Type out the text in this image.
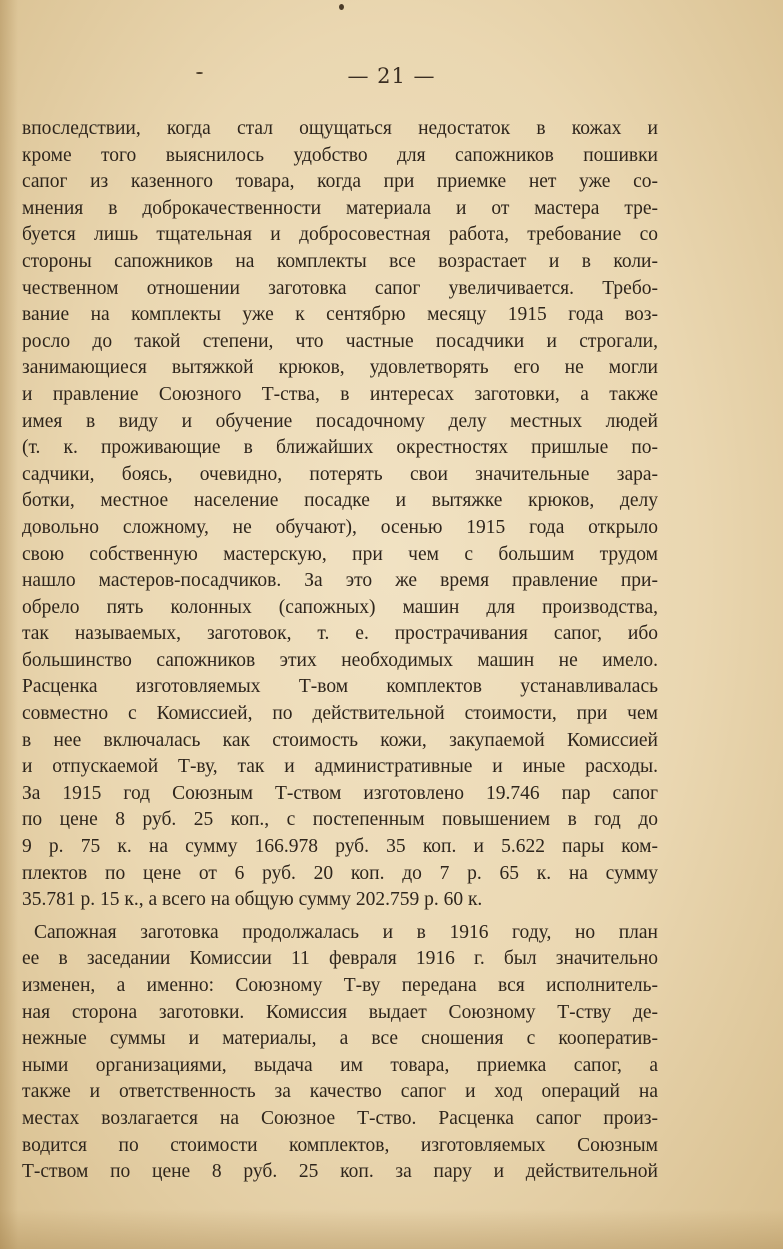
— 21 —
впоследствии, когда стал ощущаться недостаток в кожах и
кроме того выяснилось удобство для сапожников пошивки
сапог из казенного товара, когда при приемке нет уже со-
мнения в доброкачественности материала и от мастера тре-
буется лишь тщательная и добросовестная работа, требование со
стороны сапожников на комплекты все возрастает и в коли-
чественном отношении заготовка сапог увеличивается. Требо-
вание на комплекты уже к сентябрю месяцу 1915 года воз-
росло до такой степени, что частные посадчики и строгали,
занимающиеся вытяжкой крюков, удовлетворять его не могли
и правление Союзного Т-ства, в интересах заготовки, а также
имея в виду и обучение посадочному делу местных людей
(т. к. проживающие в ближайших окрестностях пришлые по-
садчики, боясь, очевидно, потерять свои значительные зара-
ботки, местное население посадке и вытяжке крюков, делу
довольно сложному, не обучают), осенью 1915 года открыло
свою собственную мастерскую, при чем с большим трудом
нашло мастеров-посадчиков. За это же время правление при-
обрело пять колонных (сапожных) машин для производства,
так называемых, заготовок, т. е. прострачивания сапог, ибо
большинство сапожников этих необходимых машин не имело.
Расценка изготовляемых Т-вом комплектов устанавливалась
совместно с Комиссией, по действительной стоимости, при чем
в нее включалась как стоимость кожи, закупаемой Комиссией
и отпускаемой Т-ву, так и административные и иные расходы.
За 1915 год Союзным Т-ством изготовлено 19.746 пар сапог
по цене 8 руб. 25 коп., с постепенным повышением в год до
9 р. 75 к. на сумму 166.978 руб. 35 коп. и 5.622 пары ком-
плектов по цене от 6 руб. 20 коп. до 7 р. 65 к. на сумму
35.781 р. 15 к., а всего на общую сумму 202.759 р. 60 к.
Сапожная заготовка продолжалась и в 1916 году, но план
ее в заседании Комиссии 11 февраля 1916 г. был значительно
изменен, а именно: Союзному Т-ву передана вся исполнитель-
ная сторона заготовки. Комиссия выдает Союзному Т-ству де-
нежные суммы и материалы, а все сношения с кооператив-
ными организациями, выдача им товара, приемка сапог, а
также и ответственность за качество сапог и ход операций на
местах возлагается на Союзное Т-ство. Расценка сапог произ-
водится по стоимости комплектов, изготовляемых Союзным
Т-ством по цене 8 руб. 25 коп. за пару и действительной
